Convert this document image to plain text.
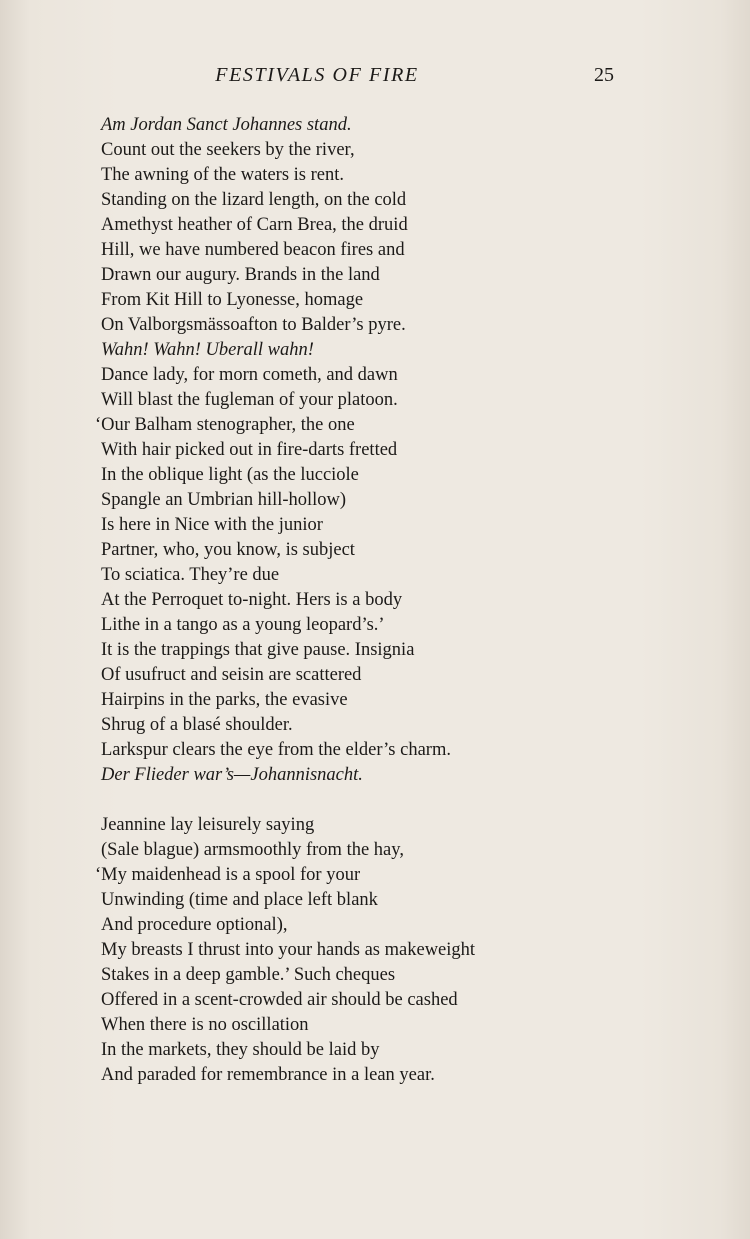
FESTIVALS OF FIRE	25
Am Jordan Sanct Johannes stand.
Count out the seekers by the river,
The awning of the waters is rent.
Standing on the lizard length, on the cold
Amethyst heather of Carn Brea, the druid
Hill, we have numbered beacon fires and
Drawn our augury. Brands in the land
From Kit Hill to Lyonesse, homage
On Valborgsmässoafton to Balder’s pyre.
Wahn! Wahn! Uberall wahn!
Dance lady, for morn cometh, and dawn
Will blast the fugleman of your platoon.
‘Our Balham stenographer, the one
With hair picked out in fire-darts fretted
In the oblique light (as the lucciole
Spangle an Umbrian hill-hollow)
Is here in Nice with the junior
Partner, who, you know, is subject
To sciatica. They’re due
At the Perroquet to-night. Hers is a body
Lithe in a tango as a young leopard’s.’
It is the trappings that give pause. Insignia
Of usufruct and seisin are scattered
Hairpins in the parks, the evasive
Shrug of a blasé shoulder.
Larkspur clears the eye from the elder’s charm.
Der Flieder war’s—Johannisnacht.
Jeannine lay leisurely saying
(Sale blague) armsmoothly from the hay,
‘My maidenhead is a spool for your
Unwinding (time and place left blank
And procedure optional),
My breasts I thrust into your hands as makeweight
Stakes in a deep gamble.’ Such cheques
Offered in a scent-crowded air should be cashed
When there is no oscillation
In the markets, they should be laid by
And paraded for remembrance in a lean year.
